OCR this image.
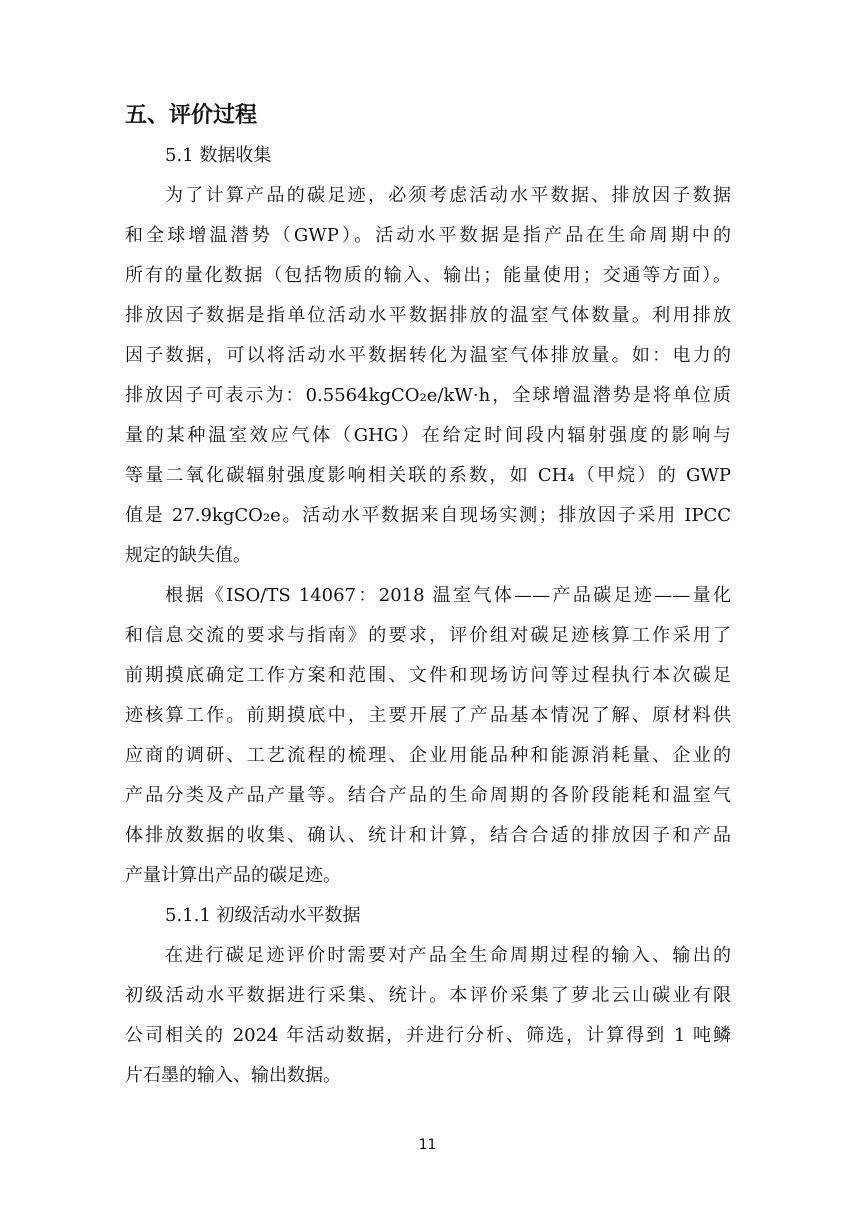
五、评价过程
5.1 数据收集
为了计算产品的碳足迹，必须考虑活动水平数据、排放因子数据
和全球增温潜势（GWP）。活动水平数据是指产品在生命周期中的
所有的量化数据（包括物质的输入、输出；能量使用；交通等方面）。
排放因子数据是指单位活动水平数据排放的温室气体数量。利用排放
因子数据，可以将活动水平数据转化为温室气体排放量。如：电力的
排放因子可表示为：0.5564kgCO₂e/kW·h，全球增温潜势是将单位质
量的某种温室效应气体（GHG）在给定时间段内辐射强度的影响与
等量二氧化碳辐射强度影响相关联的系数，如 CH₄（甲烷）的 GWP
值是 27.9kgCO₂e。活动水平数据来自现场实测；排放因子采用 IPCC
规定的缺失值。
根据《ISO/TS 14067：2018 温室气体——产品碳足迹——量化
和信息交流的要求与指南》的要求，评价组对碳足迹核算工作采用了
前期摸底确定工作方案和范围、文件和现场访问等过程执行本次碳足
迹核算工作。前期摸底中，主要开展了产品基本情况了解、原材料供
应商的调研、工艺流程的梳理、企业用能品种和能源消耗量、企业的
产品分类及产品产量等。结合产品的生命周期的各阶段能耗和温室气
体排放数据的收集、确认、统计和计算，结合合适的排放因子和产品
产量计算出产品的碳足迹。
5.1.1 初级活动水平数据
在进行碳足迹评价时需要对产品全生命周期过程的输入、输出的
初级活动水平数据进行采集、统计。本评价采集了萝北云山碳业有限
公司相关的 2024 年活动数据，并进行分析、筛选，计算得到 1 吨鳞
片石墨的输入、输出数据。
11
